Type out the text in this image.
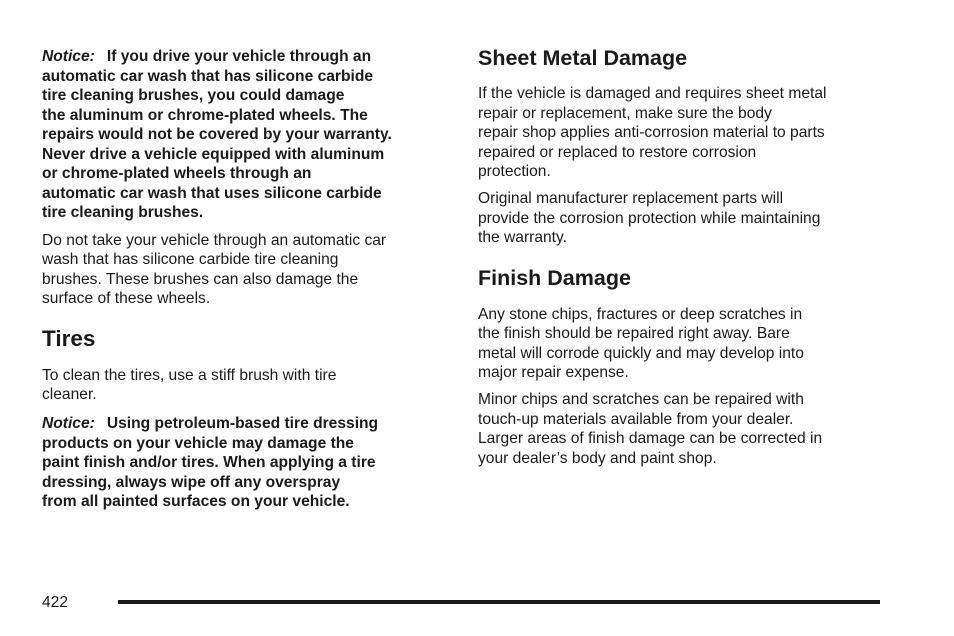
Notice: If you drive your vehicle through an
automatic car wash that has silicone carbide
tire cleaning brushes, you could damage
the aluminum or chrome-plated wheels. The
repairs would not be covered by your warranty.
Never drive a vehicle equipped with aluminum
or chrome-plated wheels through an
automatic car wash that uses silicone carbide
tire cleaning brushes.
Do not take your vehicle through an automatic car
wash that has silicone carbide tire cleaning
brushes. These brushes can also damage the
surface of these wheels.
Tires
To clean the tires, use a stiff brush with tire
cleaner.
Notice: Using petroleum-based tire dressing
products on your vehicle may damage the
paint finish and/or tires. When applying a tire
dressing, always wipe off any overspray
from all painted surfaces on your vehicle.
Sheet Metal Damage
If the vehicle is damaged and requires sheet metal
repair or replacement, make sure the body
repair shop applies anti-corrosion material to parts
repaired or replaced to restore corrosion
protection.
Original manufacturer replacement parts will
provide the corrosion protection while maintaining
the warranty.
Finish Damage
Any stone chips, fractures or deep scratches in
the finish should be repaired right away. Bare
metal will corrode quickly and may develop into
major repair expense.
Minor chips and scratches can be repaired with
touch-up materials available from your dealer.
Larger areas of finish damage can be corrected in
your dealer’s body and paint shop.
422
